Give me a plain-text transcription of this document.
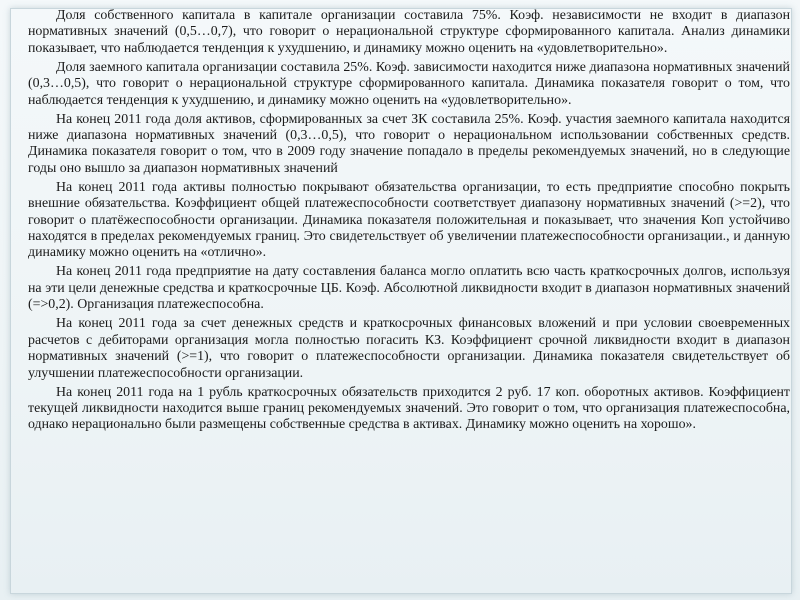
Доля собственного капитала в капитале организации составила 75%. Коэф. независимости не входит в диапазон нормативных значений (0,5…0,7), что говорит о нерациональной структуре сформированного капитала. Анализ динамики показывает, что наблюдается тенденция к ухудшению, и динамику можно оценить на «удовлетворительно».

Доля заемного капитала организации составила 25%. Коэф. зависимости находится ниже диапазона нормативных значений (0,3…0,5), что говорит о нерациональной структуре сформированного капитала. Динамика показателя говорит о том, что наблюдается тенденция к ухудшению, и динамику можно оценить на «удовлетворительно».

На конец 2011 года доля активов, сформированных за счет ЗК составила 25%. Коэф. участия заемного капитала находится ниже диапазона нормативных значений (0,3…0,5), что говорит о нерациональном использовании собственных средств. Динамика показателя говорит о том, что в 2009 году значение попадало в пределы рекомендуемых значений, но в следующие годы оно вышло за диапазон нормативных значений

На конец 2011 года активы полностью покрывают обязательства организации, то есть предприятие способно покрыть внешние обязательства. Коэффициент общей платежеспособности соответствует диапазону нормативных значений (>=2), что говорит о платёжеспособности организации. Динамика показателя положительная и показывает, что значения Коп устойчиво находятся в пределах рекомендуемых границ. Это свидетельствует об увеличении платежеспособности организации., и данную динамику можно оценить на «отлично».

На конец 2011 года предприятие на дату составления баланса могло оплатить всю часть краткосрочных долгов, используя на эти цели денежные средства и краткосрочные ЦБ. Коэф. Абсолютной ликвидности входит в диапазон нормативных значений (=>0,2). Организация платежеспособна.

На конец 2011 года за счет денежных средств и краткосрочных финансовых вложений и при условии своевременных расчетов с дебиторами организация могла полностью погасить КЗ. Коэффициент срочной ликвидности входит в диапазон нормативных значений (>=1), что говорит о платежеспособности организации. Динамика показателя свидетельствует об улучшении платежеспособности организации.

На конец 2011 года на 1 рубль краткосрочных обязательств приходится 2 руб. 17 коп. оборотных активов. Коэффициент текущей ликвидности находится выше границ рекомендуемых значений. Это говорит о том, что организация платежеспособна, однако нерационально были размещены собственные средства в активах. Динамику можно оценить на хорошо».
